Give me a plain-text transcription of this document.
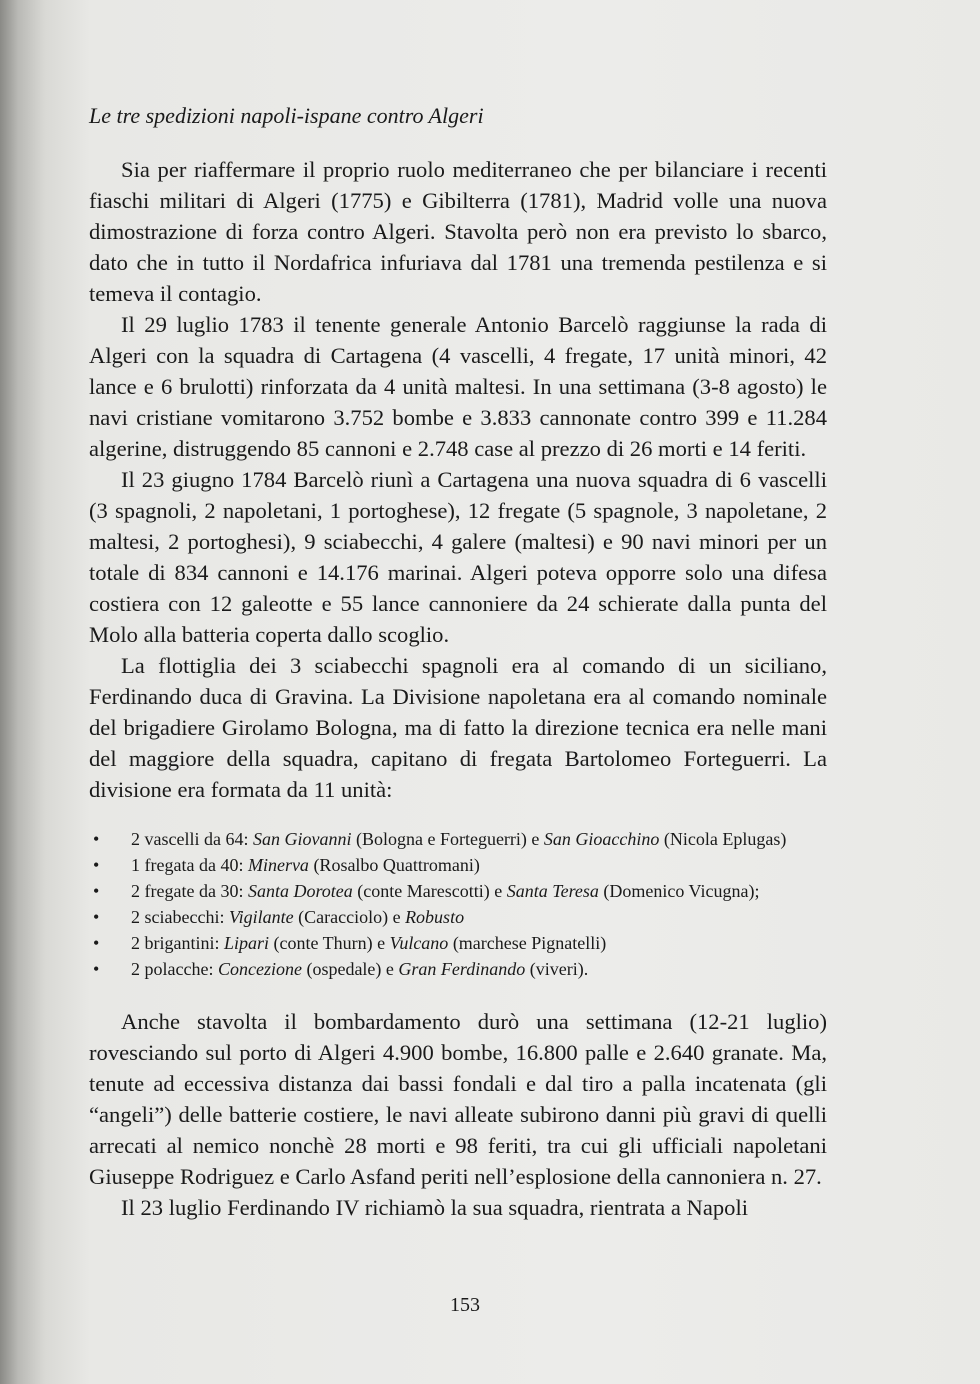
Le tre spedizioni napoli-ispane contro Algeri

Sia per riaffermare il proprio ruolo mediterraneo che per bilanciare i recenti fiaschi militari di Algeri (1775) e Gibilterra (1781), Madrid volle una nuova dimostrazione di forza contro Algeri. Stavolta però non era previsto lo sbarco, dato che in tutto il Nordafrica infuriava dal 1781 una tremenda pestilenza e si temeva il contagio.

Il 29 luglio 1783 il tenente generale Antonio Barcelò raggiunse la rada di Algeri con la squadra di Cartagena (4 vascelli, 4 fregate, 17 unità minori, 42 lance e 6 brulotti) rinforzata da 4 unità maltesi. In una settimana (3-8 agosto) le navi cristiane vomitarono 3.752 bombe e 3.833 cannonate contro 399 e 11.284 algerine, distruggendo 85 cannoni e 2.748 case al prezzo di 26 morti e 14 feriti.

Il 23 giugno 1784 Barcelò riunì a Cartagena una nuova squadra di 6 vascelli (3 spagnoli, 2 napoletani, 1 portoghese), 12 fregate (5 spagnole, 3 napoletane, 2 maltesi, 2 portoghesi), 9 sciabecchi, 4 galere (maltesi) e 90 navi minori per un totale di 834 cannoni e 14.176 marinai. Algeri poteva opporre solo una difesa costiera con 12 galeotte e 55 lance cannoniere da 24 schierate dalla punta del Molo alla batteria coperta dallo scoglio.

La flottiglia dei 3 sciabecchi spagnoli era al comando di un siciliano, Ferdinando duca di Gravina. La Divisione napoletana era al comando nominale del brigadiere Girolamo Bologna, ma di fatto la direzione tecnica era nelle mani del maggiore della squadra, capitano di fregata Bartolomeo Forteguerri. La divisione era formata da 11 unità:

• 2 vascelli da 64: San Giovanni (Bologna e Forteguerri) e San Gioacchino (Nicola Eplugas)
• 1 fregata da 40: Minerva (Rosalbo Quattromani)
• 2 fregate da 30: Santa Dorotea (conte Marescotti) e Santa Teresa (Domenico Vicugna);
• 2 sciabecchi: Vigilante (Caracciolo) e Robusto
• 2 brigantini: Lipari (conte Thurn) e Vulcano (marchese Pignatelli)
• 2 polacche: Concezione (ospedale) e Gran Ferdinando (viveri).

Anche stavolta il bombardamento durò una settimana (12-21 luglio) rovesciando sul porto di Algeri 4.900 bombe, 16.800 palle e 2.640 granate. Ma, tenute ad eccessiva distanza dai bassi fondali e dal tiro a palla incatenata (gli “angeli”) delle batterie costiere, le navi alleate subirono danni più gravi di quelli arrecati al nemico nonchè 28 morti e 98 feriti, tra cui gli ufficiali napoletani Giuseppe Rodriguez e Carlo Asfand periti nell’esplosione della cannoniera n. 27.

Il 23 luglio Ferdinando IV richiamò la sua squadra, rientrata a Napoli

153
